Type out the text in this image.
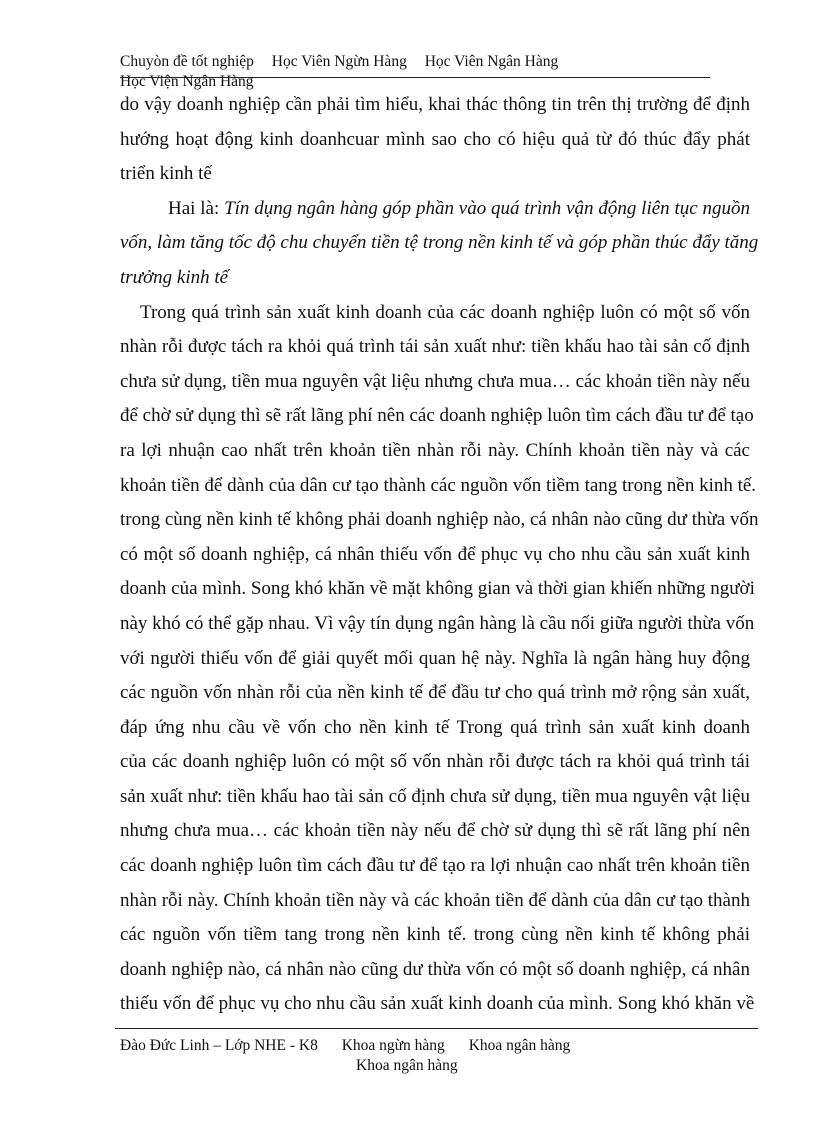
Chuyòn đề tốt nghiệp Học Viên Ngừn Hàng Học Viên Ngân Hàng
Học Viện Ngân Hàng

do vậy doanh nghiệp cần phải tìm hiểu, khai thác thông tin trên thị trường để định
hướng hoạt động kinh doanhcuar mình sao cho có hiệu quả từ đó thúc đẩy phát
triển kinh tế

Hai là: Tín dụng ngân hàng góp phần vào quá trình vận động liên tục nguồn
vốn, làm tăng tốc độ chu chuyển tiền tệ trong nền kinh tế và góp phần thúc đẩy tăng
trưởng kinh tế

Trong quá trình sản xuất kinh doanh của các doanh nghiệp luôn có một số vốn
nhàn rỗi được tách ra khỏi quá trình tái sản xuất như: tiền khấu hao tài sản cố định
chưa sử dụng, tiền mua nguyên vật liệu nhưng chưa mua… các khoản tiền này nếu
để chờ sử dụng thì sẽ rất lãng phí nên các doanh nghiệp luôn tìm cách đầu tư để tạo
ra lợi nhuận cao nhất trên khoản tiền nhàn rỗi này. Chính khoản tiền này và các
khoản tiền để dành của dân cư tạo thành các nguồn vốn tiềm tang trong nền kinh tế.
trong cùng nền kinh tế không phải doanh nghiệp nào, cá nhân nào cũng dư thừa vốn
có một số doanh nghiệp, cá nhân thiếu vốn để phục vụ cho nhu cầu sản xuất kinh
doanh của mình. Song khó khăn về mặt không gian và thời gian khiến những người
này khó có thể gặp nhau. Vì vậy tín dụng ngân hàng là cầu nối giữa người thừa vốn
với người thiếu vốn để giải quyết mối quan hệ này. Nghĩa là ngân hàng huy động
các nguồn vốn nhàn rỗi của nền kinh tế để đầu tư cho quá trình mở rộng sản xuất,
đáp ứng nhu cầu về vốn cho nền kinh tế Trong quá trình sản xuất kinh doanh
của các doanh nghiệp luôn có một số vốn nhàn rỗi được tách ra khỏi quá trình tái
sản xuất như: tiền khấu hao tài sản cố định chưa sử dụng, tiền mua nguyên vật liệu
nhưng chưa mua… các khoản tiền này nếu để chờ sử dụng thì sẽ rất lãng phí nên
các doanh nghiệp luôn tìm cách đầu tư để tạo ra lợi nhuận cao nhất trên khoản tiền
nhàn rỗi này. Chính khoản tiền này và các khoản tiền để dành của dân cư tạo thành
các nguồn vốn tiềm tang trong nền kinh tế. trong cùng nền kinh tế không phải
doanh nghiệp nào, cá nhân nào cũng dư thừa vốn có một số doanh nghiệp, cá nhân
thiếu vốn để phục vụ cho nhu cầu sản xuất kinh doanh của mình. Song khó khăn về

Đào Đức Linh – Lớp NHE - K8 Khoa ngừn hàng Khoa ngân hàng
Khoa ngân hàng
